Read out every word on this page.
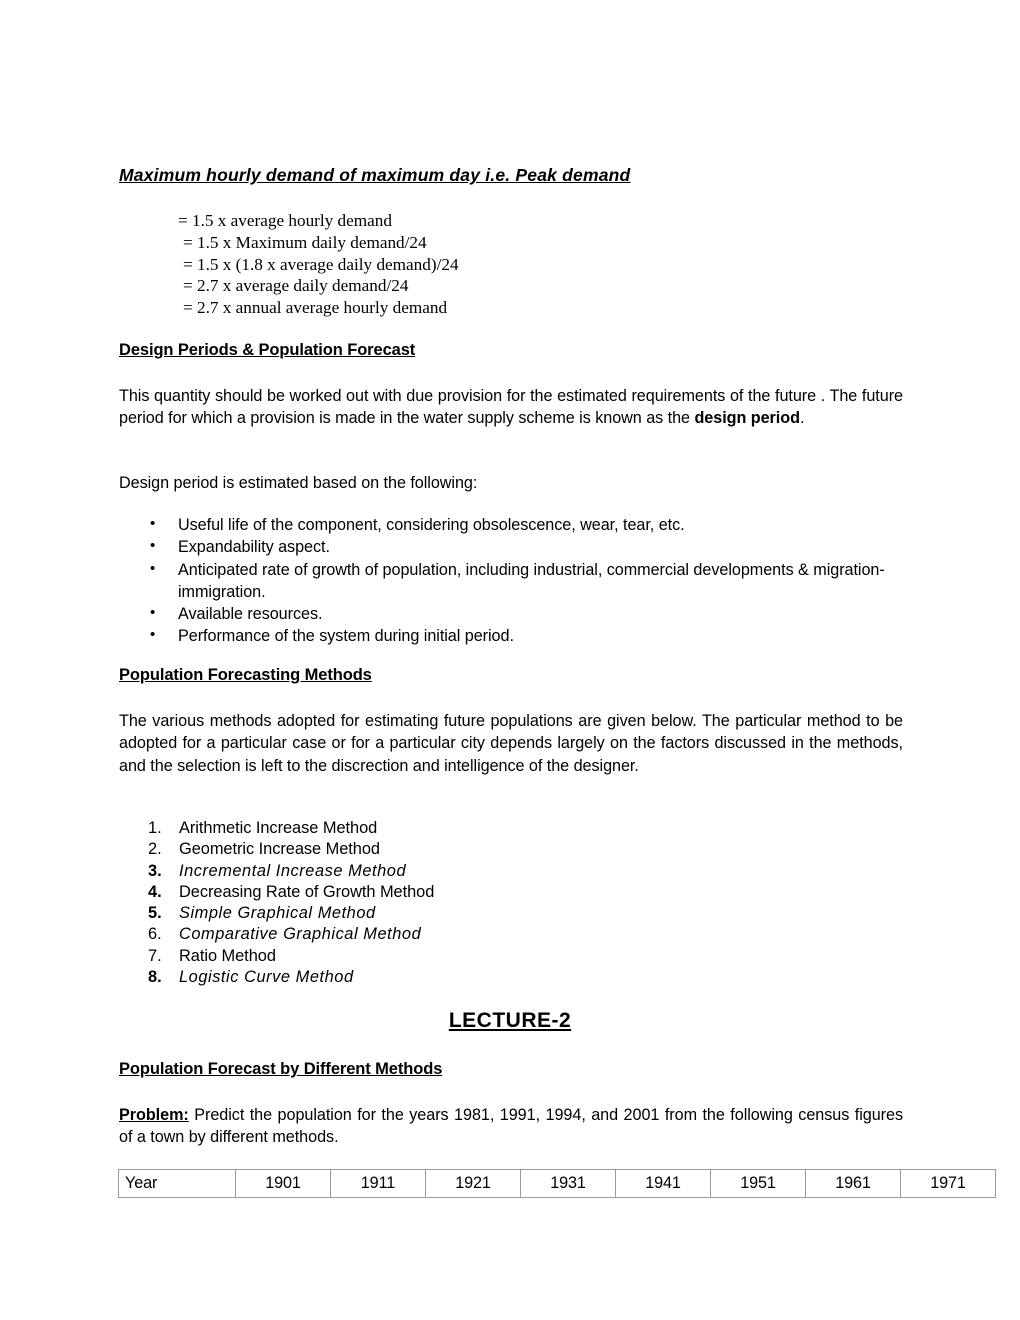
Maximum hourly demand of maximum day i.e. Peak demand
= 1.5 x average hourly demand
= 1.5 x Maximum daily demand/24
= 1.5 x (1.8 x average daily demand)/24
= 2.7 x average daily demand/24
= 2.7 x annual average hourly demand
Design Periods & Population Forecast
This quantity should be worked out with due provision for the estimated requirements of the future . The future period for which a provision is made in the water supply scheme is known as the design period.
Design period is estimated based on the following:
• Useful life of the component, considering obsolescence, wear, tear, etc.
• Expandability aspect.
• Anticipated rate of growth of population, including industrial, commercial developments & migration-immigration.
• Available resources.
• Performance of the system during initial period.
Population Forecasting Methods
The various methods adopted for estimating future populations are given below. The particular method to be adopted for a particular case or for a particular city depends largely on the factors discussed in the methods, and the selection is left to the discrection and intelligence of the designer.
1. Arithmetic Increase Method
2. Geometric Increase Method
3. Incremental Increase Method
4. Decreasing Rate of Growth Method
5. Simple Graphical Method
6. Comparative Graphical Method
7. Ratio Method
8. Logistic Curve Method
LECTURE-2
Population Forecast by Different Methods
Problem: Predict the population for the years 1981, 1991, 1994, and 2001 from the following census figures of a town by different methods.
Year	1901	1911	1921	1931	1941	1951	1961	1971
